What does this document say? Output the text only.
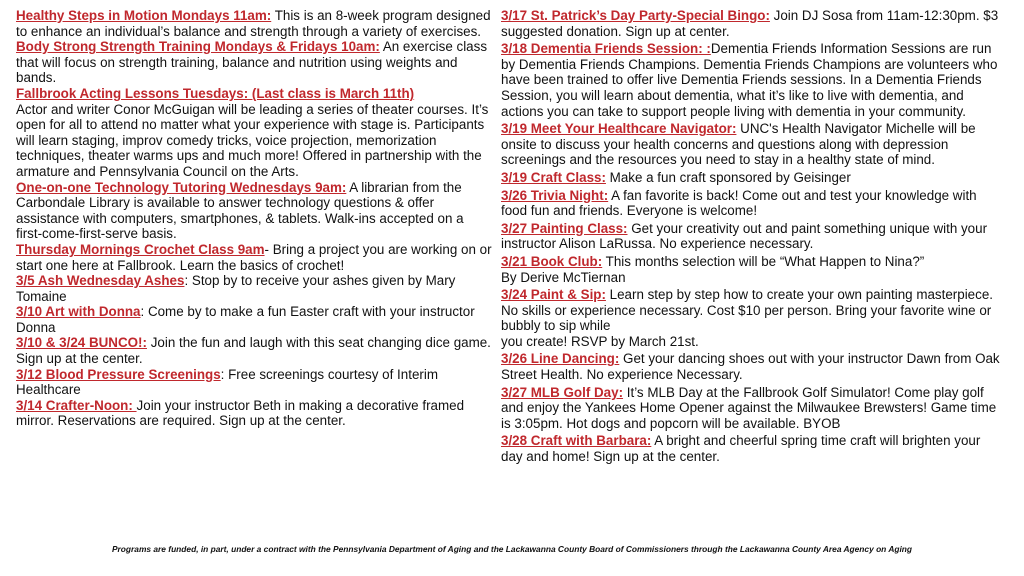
Healthy Steps in Motion Mondays 11am: This is an 8-week program designed to enhance an individual’s balance and strength through a variety of exercises.

Body Strong Strength Training Mondays & Fridays 10am: An exercise class that will focus on strength training, balance and nutrition using weights and bands.

Fallbrook Acting Lessons Tuesdays: (Last class is March 11th)
Actor and writer Conor McGuigan will be leading a series of theater courses. It’s open for all to attend no matter what your experience with stage is. Participants will learn staging, improv comedy tricks, voice projection, memorization techniques, theater warms ups and much more! Offered in partnership with the armature and Pennsylvania Council on the Arts.

One-on-one Technology Tutoring Wednesdays 9am: A librarian from the Carbondale Library is available to answer technology questions & offer assistance with computers, smartphones, & tablets. Walk-ins accepted on a first-come-first-serve basis.

Thursday Mornings Crochet Class 9am- Bring a project you are working on or start one here at Fallbrook. Learn the basics of crochet!

3/5 Ash Wednesday Ashes: Stop by to receive your ashes given by Mary Tomaine

3/10 Art with Donna: Come by to make a fun Easter craft with your instructor Donna

3/10 & 3/24 BUNCO!: Join the fun and laugh with this seat changing dice game. Sign up at the center.

3/12 Blood Pressure Screenings: Free screenings courtesy of Interim Healthcare

3/14 Crafter-Noon: Join your instructor Beth in making a decorative framed mirror. Reservations are required. Sign up at the center.

3/17 St. Patrick’s Day Party-Special Bingo: Join DJ Sosa from 11am-12:30pm. $3 suggested donation. Sign up at center.

3/18 Dementia Friends Session: :Dementia Friends Information Sessions are run by Dementia Friends Champions. Dementia Friends Champions are volunteers who have been trained to offer live Dementia Friends sessions. In a Dementia Friends Session, you will learn about dementia, what it’s like to live with dementia, and actions you can take to support people living with dementia in your community.

3/19 Meet Your Healthcare Navigator: UNC's Health Navigator Michelle will be onsite to discuss your health concerns and questions along with depression screenings and the resources you need to stay in a healthy state of mind.

3/19 Craft Class: Make a fun craft sponsored by Geisinger

3/26 Trivia Night: A fan favorite is back! Come out and test your knowledge with food fun and friends. Everyone is welcome!

3/27 Painting Class: Get your creativity out and paint something unique with your instructor Alison LaRussa. No experience necessary.

3/21 Book Club: This months selection will be “What Happen to Nina?”
By Derive McTiernan

3/24 Paint & Sip: Learn step by step how to create your own painting masterpiece. No skills or experience necessary. Cost $10 per person. Bring your favorite wine or bubbly to sip while
you create! RSVP by March 21st.

3/26 Line Dancing: Get your dancing shoes out with your instructor Dawn from Oak Street Health. No experience Necessary.

3/27 MLB Golf Day: It’s MLB Day at the Fallbrook Golf Simulator! Come play golf and enjoy the Yankees Home Opener against the Milwaukee Brewsters! Game time is 3:05pm. Hot dogs and popcorn will be available. BYOB

3/28 Craft with Barbara: A bright and cheerful spring time craft will brighten your day and home! Sign up at the center.

Programs are funded, in part, under a contract with the Pennsylvania Department of Aging and the Lackawanna County Board of Commissioners through the Lackawanna County Area Agency on Aging
